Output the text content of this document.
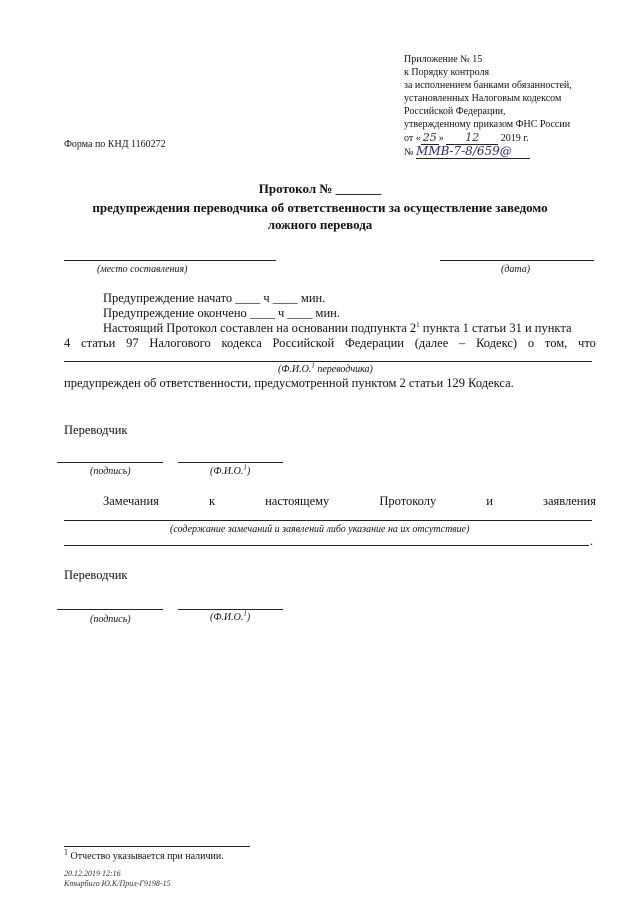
Приложение № 15
к Порядку контроля
за исполнением банками обязанностей,
установленных Налоговым кодексом
Российской Федерации,
утвержденному приказом ФНС России
от « 25 » 12 2019 г.
№ ММВ-7-8/659@
Форма по КНД 1160272
Протокол № _______
предупреждения переводчика об ответственности за осуществление заведомо
ложного перевода
(место составления)	(дата)
Предупреждение начато ____ ч ____ мин.
Предупреждение окончено ____ ч ____ мин.
Настоящий Протокол составлен на основании подпункта $2^1$ пункта 1 статьи 31 и пункта
4 статьи 97 Налогового кодекса Российской Федерации (далее – Кодекс) о том, что
(Ф.И.О.$^1$ переводчика)
предупрежден об ответственности, предусмотренной пунктом 2 статьи 129 Кодекса.
Переводчик
(подпись)	(Ф.И.О.$^1$)
Замечания	к	настоящему	Протоколу	и	заявления
(содержание замечаний и заявлений либо указание на их отсутствие)
.
Переводчик
(подпись)	(Ф.И.О.$^1$)
$^1$ Отчество указывается при наличии.
20.12.2019 12:16
Ктырбиго Ю.К/Прил-Г9198-15
